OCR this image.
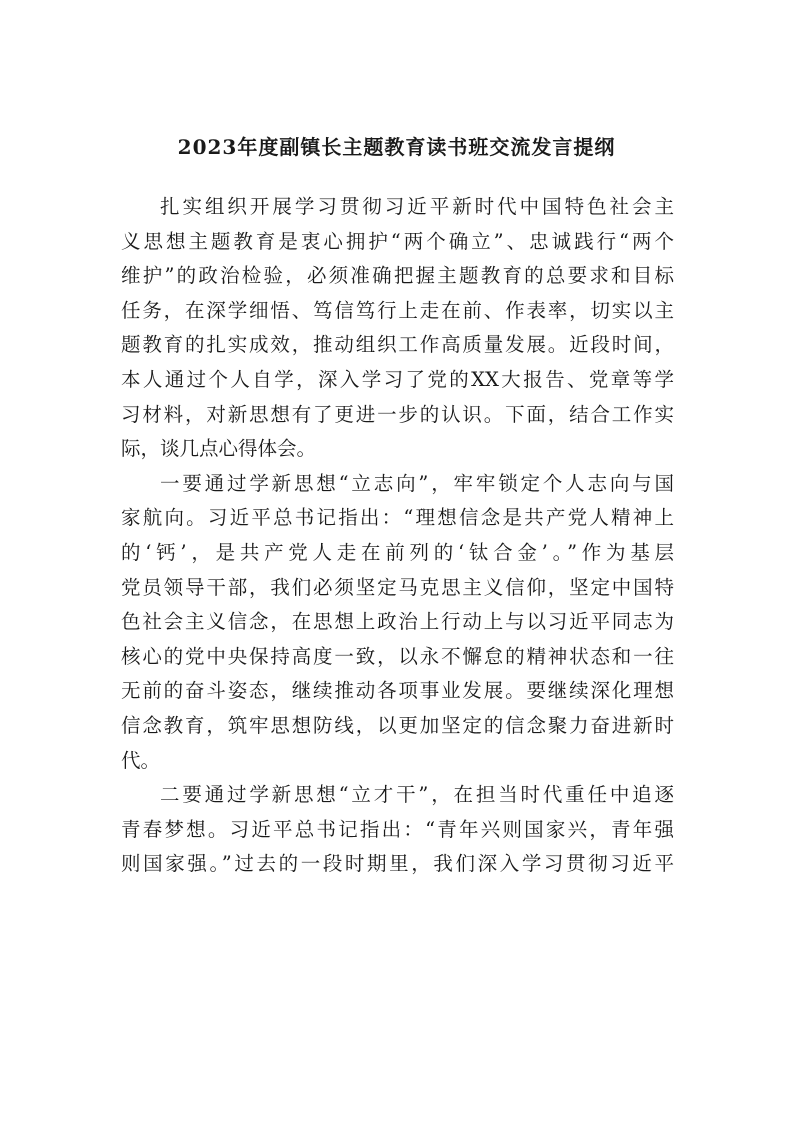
2023年度副镇长主题教育读书班交流发言提纲

扎实组织开展学习贯彻习近平新时代中国特色社会主
义思想主题教育是衷心拥护“两个确立”、忠诚践行“两个
维护”的政治检验，必须准确把握主题教育的总要求和目标
任务，在深学细悟、笃信笃行上走在前、作表率，切实以主
题教育的扎实成效，推动组织工作高质量发展。近段时间，
本人通过个人自学，深入学习了党的XX大报告、党章等学
习材料，对新思想有了更进一步的认识。下面，结合工作实
际，谈几点心得体会。

一要通过学新思想“立志向”，牢牢锁定个人志向与国
家航向。习近平总书记指出：“理想信念是共产党人精神上
的‘钙’，是共产党人走在前列的‘钛合金’。”作为基层
党员领导干部，我们必须坚定马克思主义信仰，坚定中国特
色社会主义信念，在思想上政治上行动上与以习近平同志为
核心的党中央保持高度一致，以永不懈怠的精神状态和一往
无前的奋斗姿态，继续推动各项事业发展。要继续深化理想
信念教育，筑牢思想防线，以更加坚定的信念聚力奋进新时
代。

二要通过学新思想“立才干”，在担当时代重任中追逐
青春梦想。习近平总书记指出：“青年兴则国家兴，青年强
则国家强。”过去的一段时期里，我们深入学习贯彻习近平
